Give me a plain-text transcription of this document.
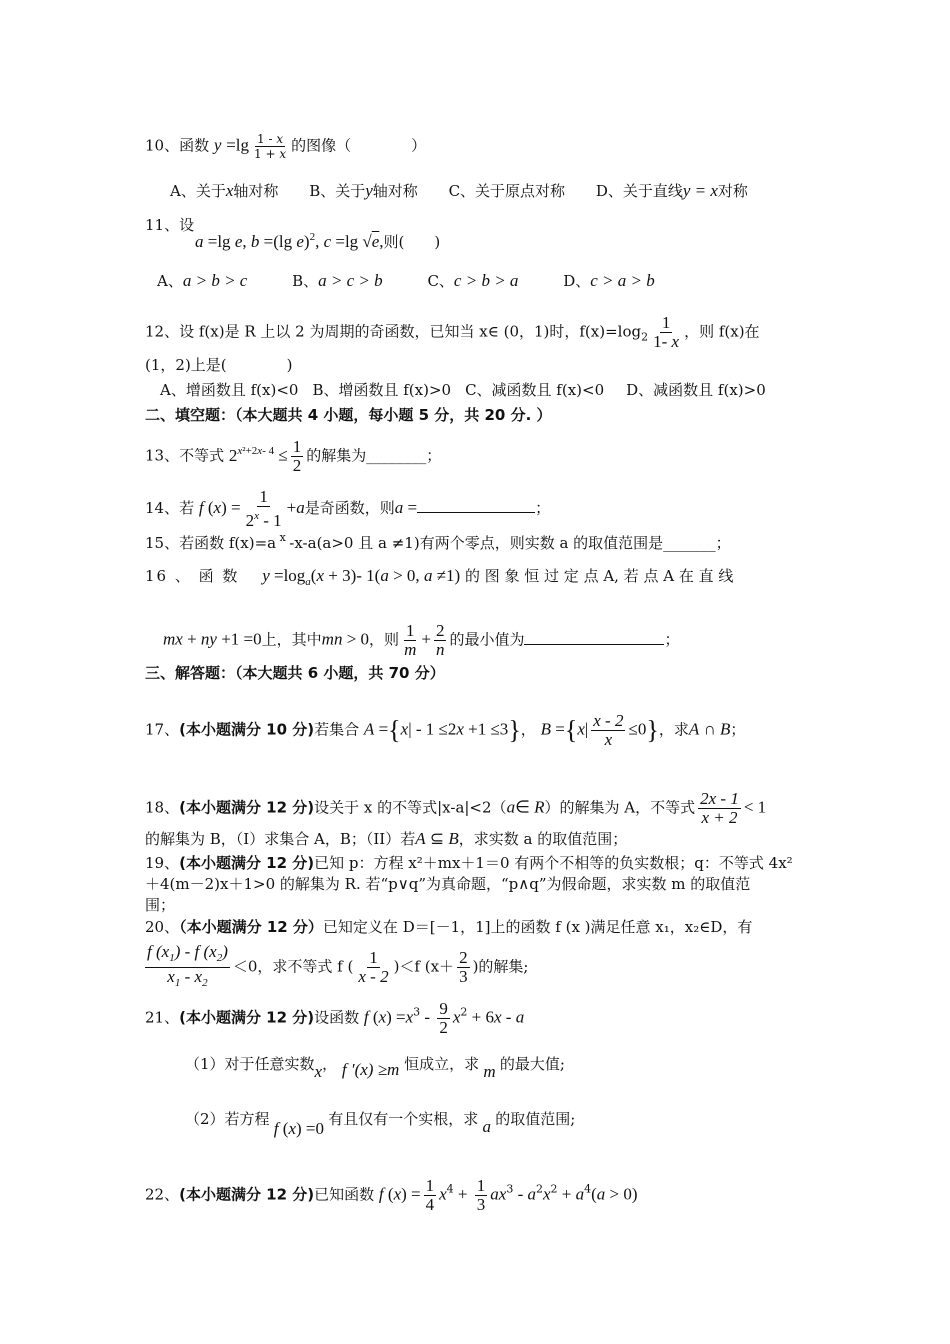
10、函数 $y =\lg \frac{1 - x}{1 + x}$ 的图像（　　　　）
A、关于x轴对称 B、关于y轴对称 C、关于原点对称 D、关于直线y = x对称
11、设
a =lg e, b =(lg e)$^2$, c =lg √e,则(　　)
A、a > b > c	B、a > c > b	C、c > b > a	D、c > a > b
12、设 f(x)是 R 上以 2 为周期的奇函数，已知当 x∈ (0，1)时，$f(x)=\log_2 \frac{1}{1- x}$ ，则 f(x)在
(1，2)上是(　　　　)
A、增函数且 f(x)<0 B、增函数且 f(x)>0 C、减函数且 f(x)<0 D、减函数且 f(x)>0
二、填空题：（本大题共 4 小题，每小题 5 分，共 20 分. ）
13、不等式 $2^{x^2+2x- 4} \le \frac{1}{2}$ 的解集为________；
14、若 f $(x) = \frac{1}{2^x - 1} +a$是奇函数，则a =	；
15、若函数 f(x)=a $^x$ -x-a(a>0 且 a ≠1)有两个零点，则实数 a 的取值范围是_______；
16 、 函 数 $y =\log_a(x + 3)-$ 1(a > 0, a ≠1) 的 图 象 恒 过 定 点 A, 若 点 A 在 直 线
mx + ny +1 =0上，其中mn > 0，则 $\frac{1}{m} + \frac{2}{n}$ 的最小值为	；
三、解答题：（本大题共 6 小题，共 70 分）
17、(本小题满分 10 分)若集合 A ={x| - 1 ≤2x +1 ≤3}， $B =\{x| \frac{x - 2}{x} \le 0\}$，求A ∩ B；
18、(本小题满分 12 分)设关于 x 的不等式|x-a|<2（a∈ R）的解集为 A，不等式 $\frac{2x - 1}{x + 2} < 1$
的解集为 B，（I）求集合 A，B；（II）若A ⊆ B，求实数 a 的取值范围；
19、(本小题满分 12 分)已知 p：方程 x²＋mx＋1＝0 有两个不相等的负实数根；q：不等式 4x²
＋4(m－2)x＋1>0 的解集为 R. 若“p∨q”为真命题，“p∧q”为假命题，求实数 m 的取值范
围；
20、（本小题满分 12 分）已知定义在 D＝[－1，1]上的函数 f (x )满足任意 x₁，x₂∈D，有
$\frac{f (x_1) - f (x_2)}{x_1 - x_2} <0$，求不等式 f ( $\frac{1}{x - 2} )<f$ ($x+ \frac{2}{3}$ )的解集;
21、(本小题满分 12 分)设函数 f $(x) =x^3 - \frac{9}{2} x^2 + 6x - a$
（1）对于任意实数x， f ′(x) ≥m 恒成立，求 m 的最大值;
（2）若方程 f (x) =0 有且仅有一个实根，求 a 的取值范围;
22、(本小题满分 12 分)已知函数 f $(x) = \frac{1}{4} x^4 + \frac{1}{3} ax^3 - a^2x^2 + a^4(a > 0)$
